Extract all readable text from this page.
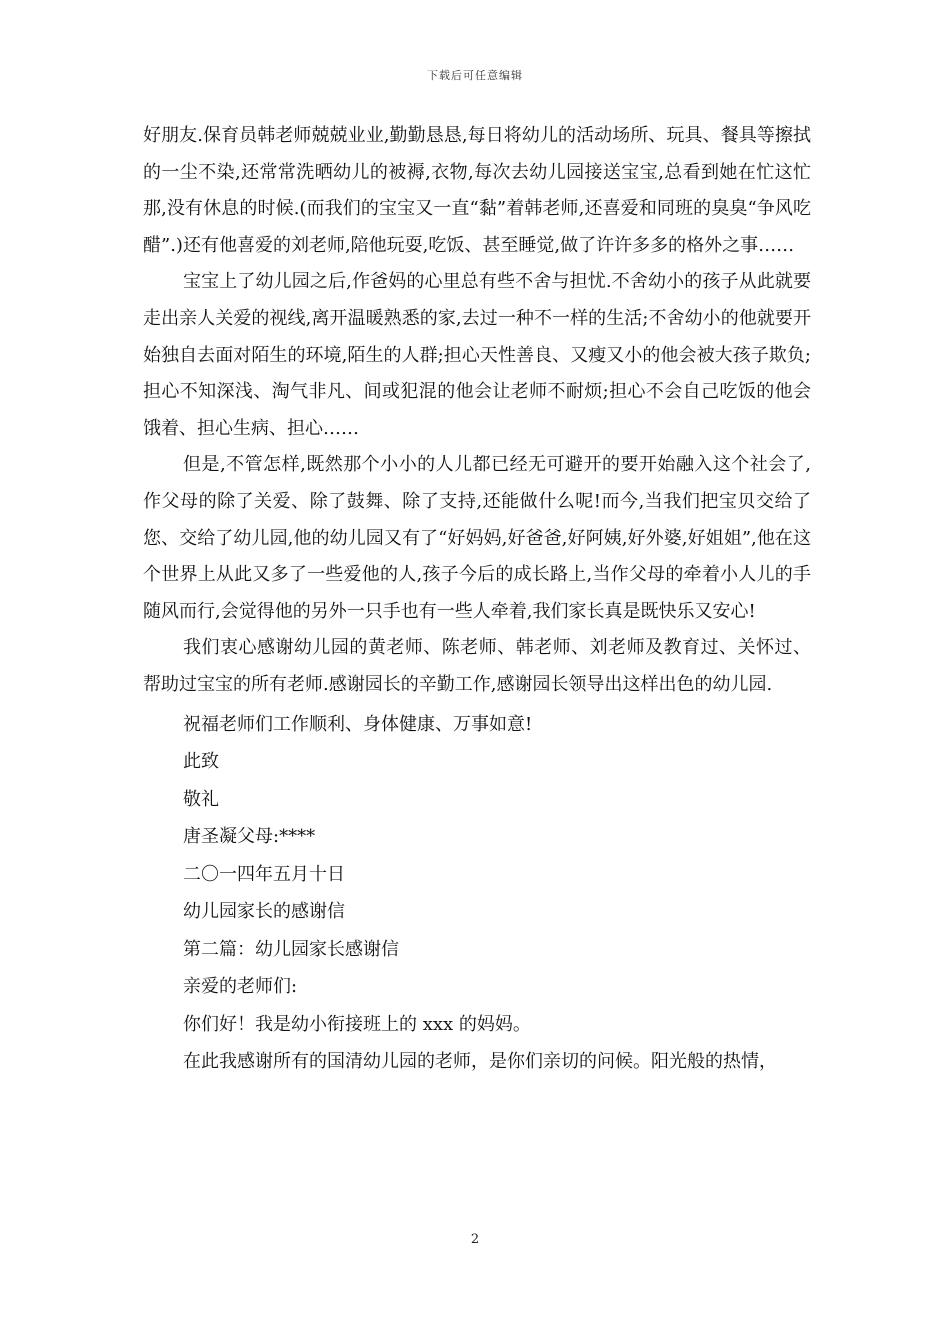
下载后可任意编辑

好朋友.保育员韩老师兢兢业业,勤勤恳恳,每日将幼儿的活动场所、玩具、餐具等擦拭的一尘不染,还常常洗晒幼儿的被褥,衣物,每次去幼儿园接送宝宝,总看到她在忙这忙那,没有休息的时候.(而我们的宝宝又一直“黏”着韩老师,还喜爱和同班的臭臭“争风吃醋”.)还有他喜爱的刘老师,陪他玩耍,吃饭、甚至睡觉,做了许许多多的格外之事……

宝宝上了幼儿园之后,作爸妈的心里总有些不舍与担忧.不舍幼小的孩子从此就要走出亲人关爱的视线,离开温暖熟悉的家,去过一种不一样的生活;不舍幼小的他就要开始独自去面对陌生的环境,陌生的人群;担心天性善良、又瘦又小的他会被大孩子欺负;担心不知深浅、淘气非凡、间或犯混的他会让老师不耐烦;担心不会自己吃饭的他会饿着、担心生病、担心……

但是,不管怎样,既然那个小小的人儿都已经无可避开的要开始融入这个社会了,作父母的除了关爱、除了鼓舞、除了支持,还能做什么呢!而今,当我们把宝贝交给了您、交给了幼儿园,他的幼儿园又有了“好妈妈,好爸爸,好阿姨,好外婆,好姐姐”,他在这个世界上从此又多了一些爱他的人,孩子今后的成长路上,当作父母的牵着小人儿的手随风而行,会觉得他的另外一只手也有一些人牵着,我们家长真是既快乐又安心!

我们衷心感谢幼儿园的黄老师、陈老师、韩老师、刘老师及教育过、关怀过、帮助过宝宝的所有老师.感谢园长的辛勤工作,感谢园长领导出这样出色的幼儿园.

祝福老师们工作顺利、身体健康、万事如意!

此致

敬礼

唐圣凝父母:****

二〇一四年五月十日

幼儿园家长的感谢信

第二篇：幼儿园家长感谢信

亲爱的老师们:

你们好！我是幼小衔接班上的 xxx 的妈妈。

在此我感谢所有的国清幼儿园的老师，是你们亲切的问候。阳光般的热情，

2
